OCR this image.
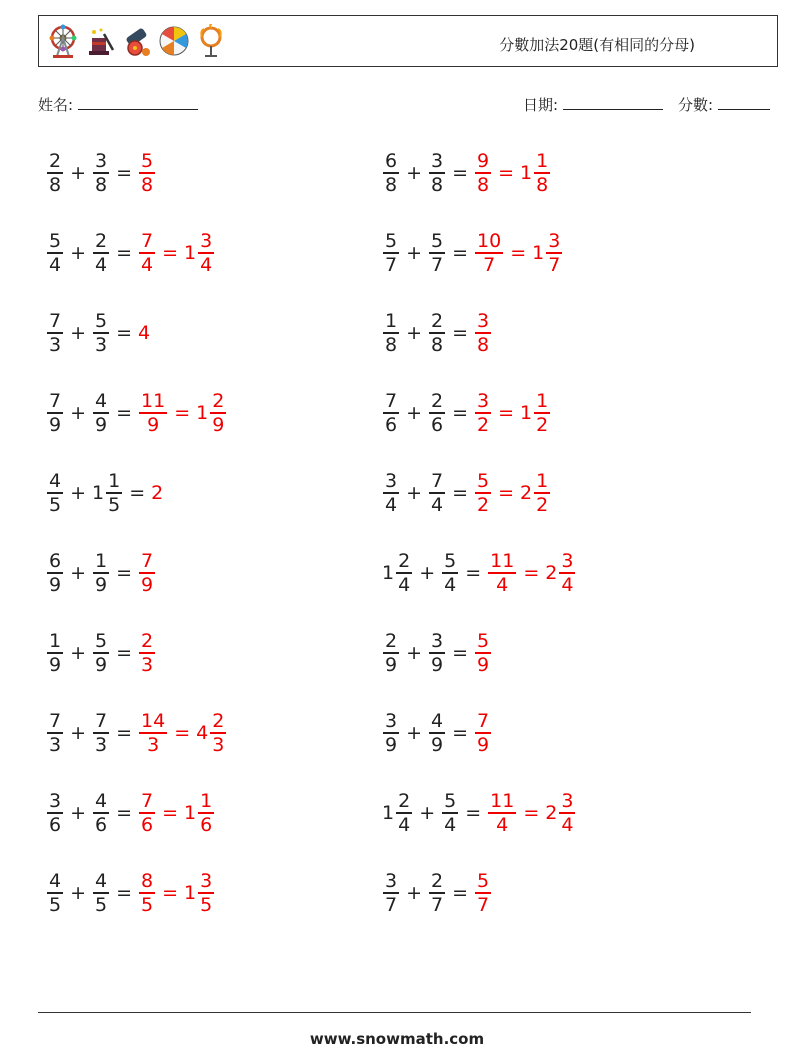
分數加法20題(有相同的分母)
姓名:	日期:	分數:
$\frac{2}{8} + \frac{3}{8} = \frac{5}{8}$	$\frac{6}{8} + \frac{3}{8} = \frac{9}{8} = 1 \frac{1}{8}$
$\frac{5}{4} + \frac{2}{4} = \frac{7}{4} = 1 \frac{3}{4}$	$\frac{5}{7} + \frac{5}{7} = \frac{10}{7} = 1 \frac{3}{7}$
$\frac{7}{3} + \frac{5}{3} = 4$	$\frac{1}{8} + \frac{2}{8} = \frac{3}{8}$
$\frac{7}{9} + \frac{4}{9} = \frac{11}{9} = 1 \frac{2}{9}$	$\frac{7}{6} + \frac{2}{6} = \frac{3}{2} = 1 \frac{1}{2}$
$\frac{4}{5} + 1 \frac{1}{5} = 2$	$\frac{3}{4} + \frac{7}{4} = \frac{5}{2} = 2 \frac{1}{2}$
$\frac{6}{9} + \frac{1}{9} = \frac{7}{9}$	$1 \frac{2}{4} + \frac{5}{4} = \frac{11}{4} = 2 \frac{3}{4}$
$\frac{1}{9} + \frac{5}{9} = \frac{2}{3}$	$\frac{2}{9} + \frac{3}{9} = \frac{5}{9}$
$\frac{7}{3} + \frac{7}{3} = \frac{14}{3} = 4 \frac{2}{3}$	$\frac{3}{9} + \frac{4}{9} = \frac{7}{9}$
$\frac{3}{6} + \frac{4}{6} = \frac{7}{6} = 1 \frac{1}{6}$	$1 \frac{2}{4} + \frac{5}{4} = \frac{11}{4} = 2 \frac{3}{4}$
$\frac{4}{5} + \frac{4}{5} = \frac{8}{5} = 1 \frac{3}{5}$	$\frac{3}{7} + \frac{2}{7} = \frac{5}{7}$
www.snowmath.com
